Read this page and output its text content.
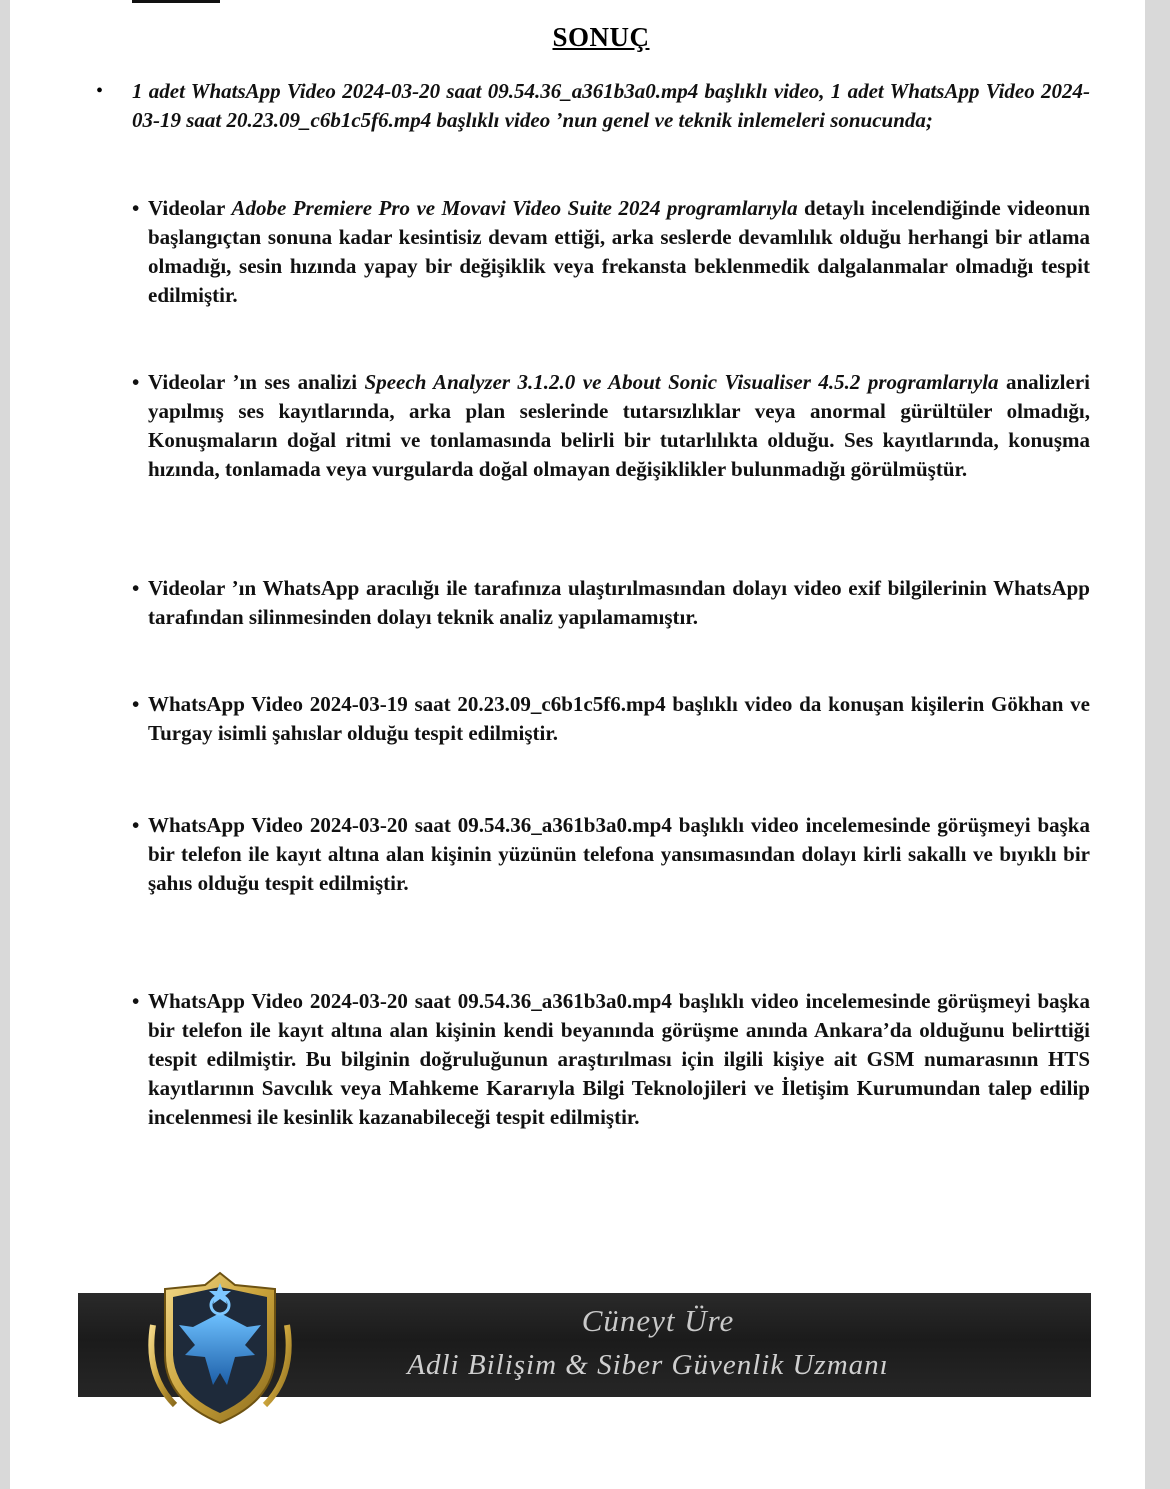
SONUÇ
• 1 adet WhatsApp Video 2024-03-20 saat 09.54.36_a361b3a0.mp4 başlıklı video, 1 adet WhatsApp Video 2024-03-19 saat 20.23.09_c6b1c5f6.mp4 başlıklı video ’nun genel ve teknik inlemeleri sonucunda;
• Videolar Adobe Premiere Pro ve Movavi Video Suite 2024 programlarıyla detaylı incelendiğinde videonun başlangıçtan sonuna kadar kesintisiz devam ettiği, arka seslerde devamlılık olduğu herhangi bir atlama olmadığı, sesin hızında yapay bir değişiklik veya frekansta beklenmedik dalgalanmalar olmadığı tespit edilmiştir.
• Videolar ’ın ses analizi Speech Analyzer 3.1.2.0 ve About Sonic Visualiser 4.5.2 programlarıyla analizleri yapılmış ses kayıtlarında, arka plan seslerinde tutarsızlıklar veya anormal gürültüler olmadığı, Konuşmaların doğal ritmi ve tonlamasında belirli bir tutarlılıkta olduğu. Ses kayıtlarında, konuşma hızında, tonlamada veya vurgularda doğal olmayan değişiklikler bulunmadığı görülmüştür.
• Videolar ’ın WhatsApp aracılığı ile tarafınıza ulaştırılmasından dolayı video exif bilgilerinin WhatsApp tarafından silinmesinden dolayı teknik analiz yapılamamıştır.
• WhatsApp Video 2024-03-19 saat 20.23.09_c6b1c5f6.mp4 başlıklı video da konuşan kişilerin Gökhan ve Turgay isimli şahıslar olduğu tespit edilmiştir.
• WhatsApp Video 2024-03-20 saat 09.54.36_a361b3a0.mp4 başlıklı video incelemesinde görüşmeyi başka bir telefon ile kayıt altına alan kişinin yüzünün telefona yansımasından dolayı kirli sakallı ve bıyıklı bir şahıs olduğu tespit edilmiştir.
• WhatsApp Video 2024-03-20 saat 09.54.36_a361b3a0.mp4 başlıklı video incelemesinde görüşmeyi başka bir telefon ile kayıt altına alan kişinin kendi beyanında görüşme anında Ankara’da olduğunu belirttiği tespit edilmiştir. Bu bilginin doğruluğunun araştırılması için ilgili kişiye ait GSM numarasının HTS kayıtlarının Savcılık veya Mahkeme Kararıyla Bilgi Teknolojileri ve İletişim Kurumundan talep edilip incelenmesi ile kesinlik kazanabileceği tespit edilmiştir.
Cüneyt Üre
Adli Bilişim & Siber Güvenlik Uzmanı
